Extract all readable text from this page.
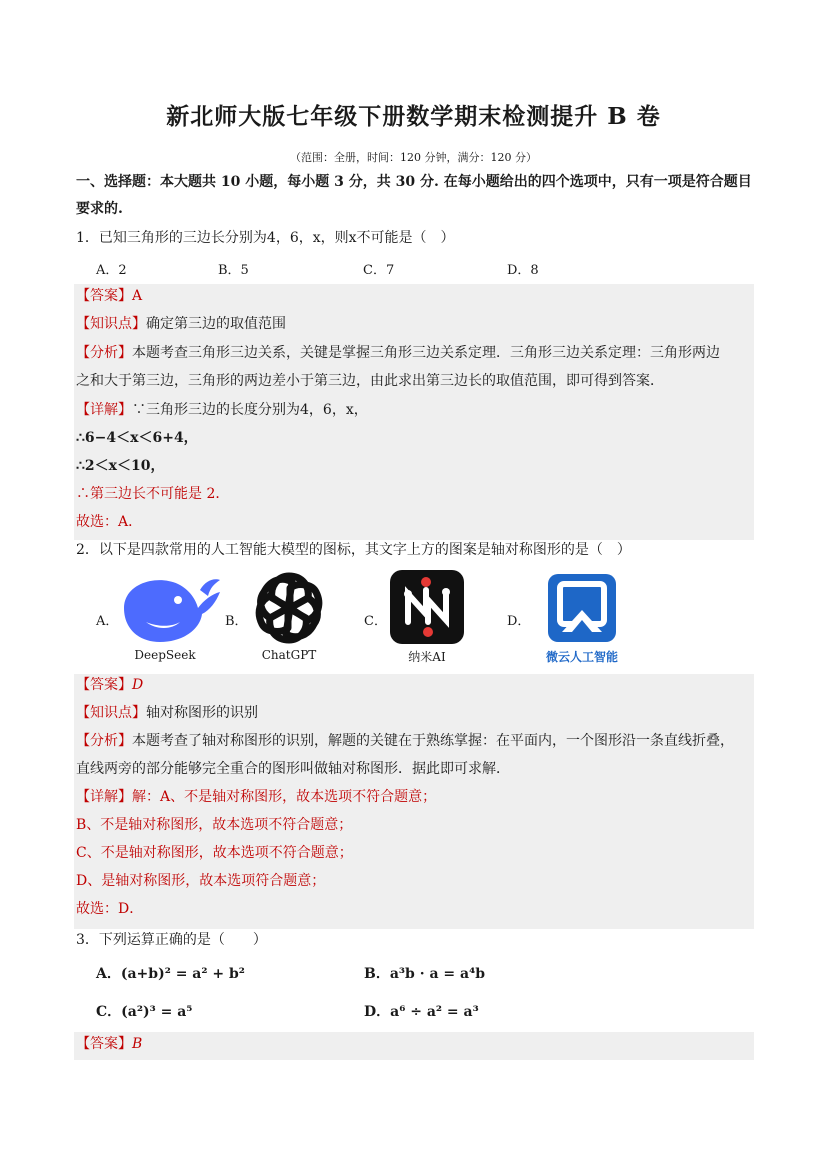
新北师大版七年级下册数学期末检测提升 B 卷
（范围：全册，时间：120 分钟，满分：120 分）
一、选择题：本大题共 10 小题，每小题 3 分，共 30 分. 在每小题给出的四个选项中，只有一项是符合题目
要求的.
1．已知三角形的三边长分别为4，6，x，则x不可能是（　）
A．2	B．5	C．7	D．8
【答案】A
【知识点】确定第三边的取值范围
【分析】本题考查三角形三边关系，关键是掌握三角形三边关系定理．三角形三边关系定理：三角形两边
之和大于第三边，三角形的两边差小于第三边，由此求出第三边长的取值范围，即可得到答案．
【详解】∵三角形三边的长度分别为4，6，x，
∴6−4＜x＜6+4，
∴2＜x＜10，
∴第三边长不可能是 2．
故选：A．
2．以下是四款常用的人工智能大模型的图标，其文字上方的图案是轴对称图形的是（　）
A．	B．	C．	D．
DeepSeek	ChatGPT	纳米AI	微云人工智能
【答案】D
【知识点】轴对称图形的识别
【分析】本题考查了轴对称图形的识别，解题的关键在于熟练掌握：在平面内，一个图形沿一条直线折叠，
直线两旁的部分能够完全重合的图形叫做轴对称图形．据此即可求解．
【详解】解：A、不是轴对称图形，故本选项不符合题意；
B、不是轴对称图形，故本选项不符合题意；
C、不是轴对称图形，故本选项不符合题意；
D、是轴对称图形，故本选项符合题意；
故选：D．
3．下列运算正确的是（　　）
A．(a+b)² = a² + b²	B．a³b · a = a⁴b
C．(a²)³ = a⁵	D．a⁶ ÷ a² = a³
【答案】B
